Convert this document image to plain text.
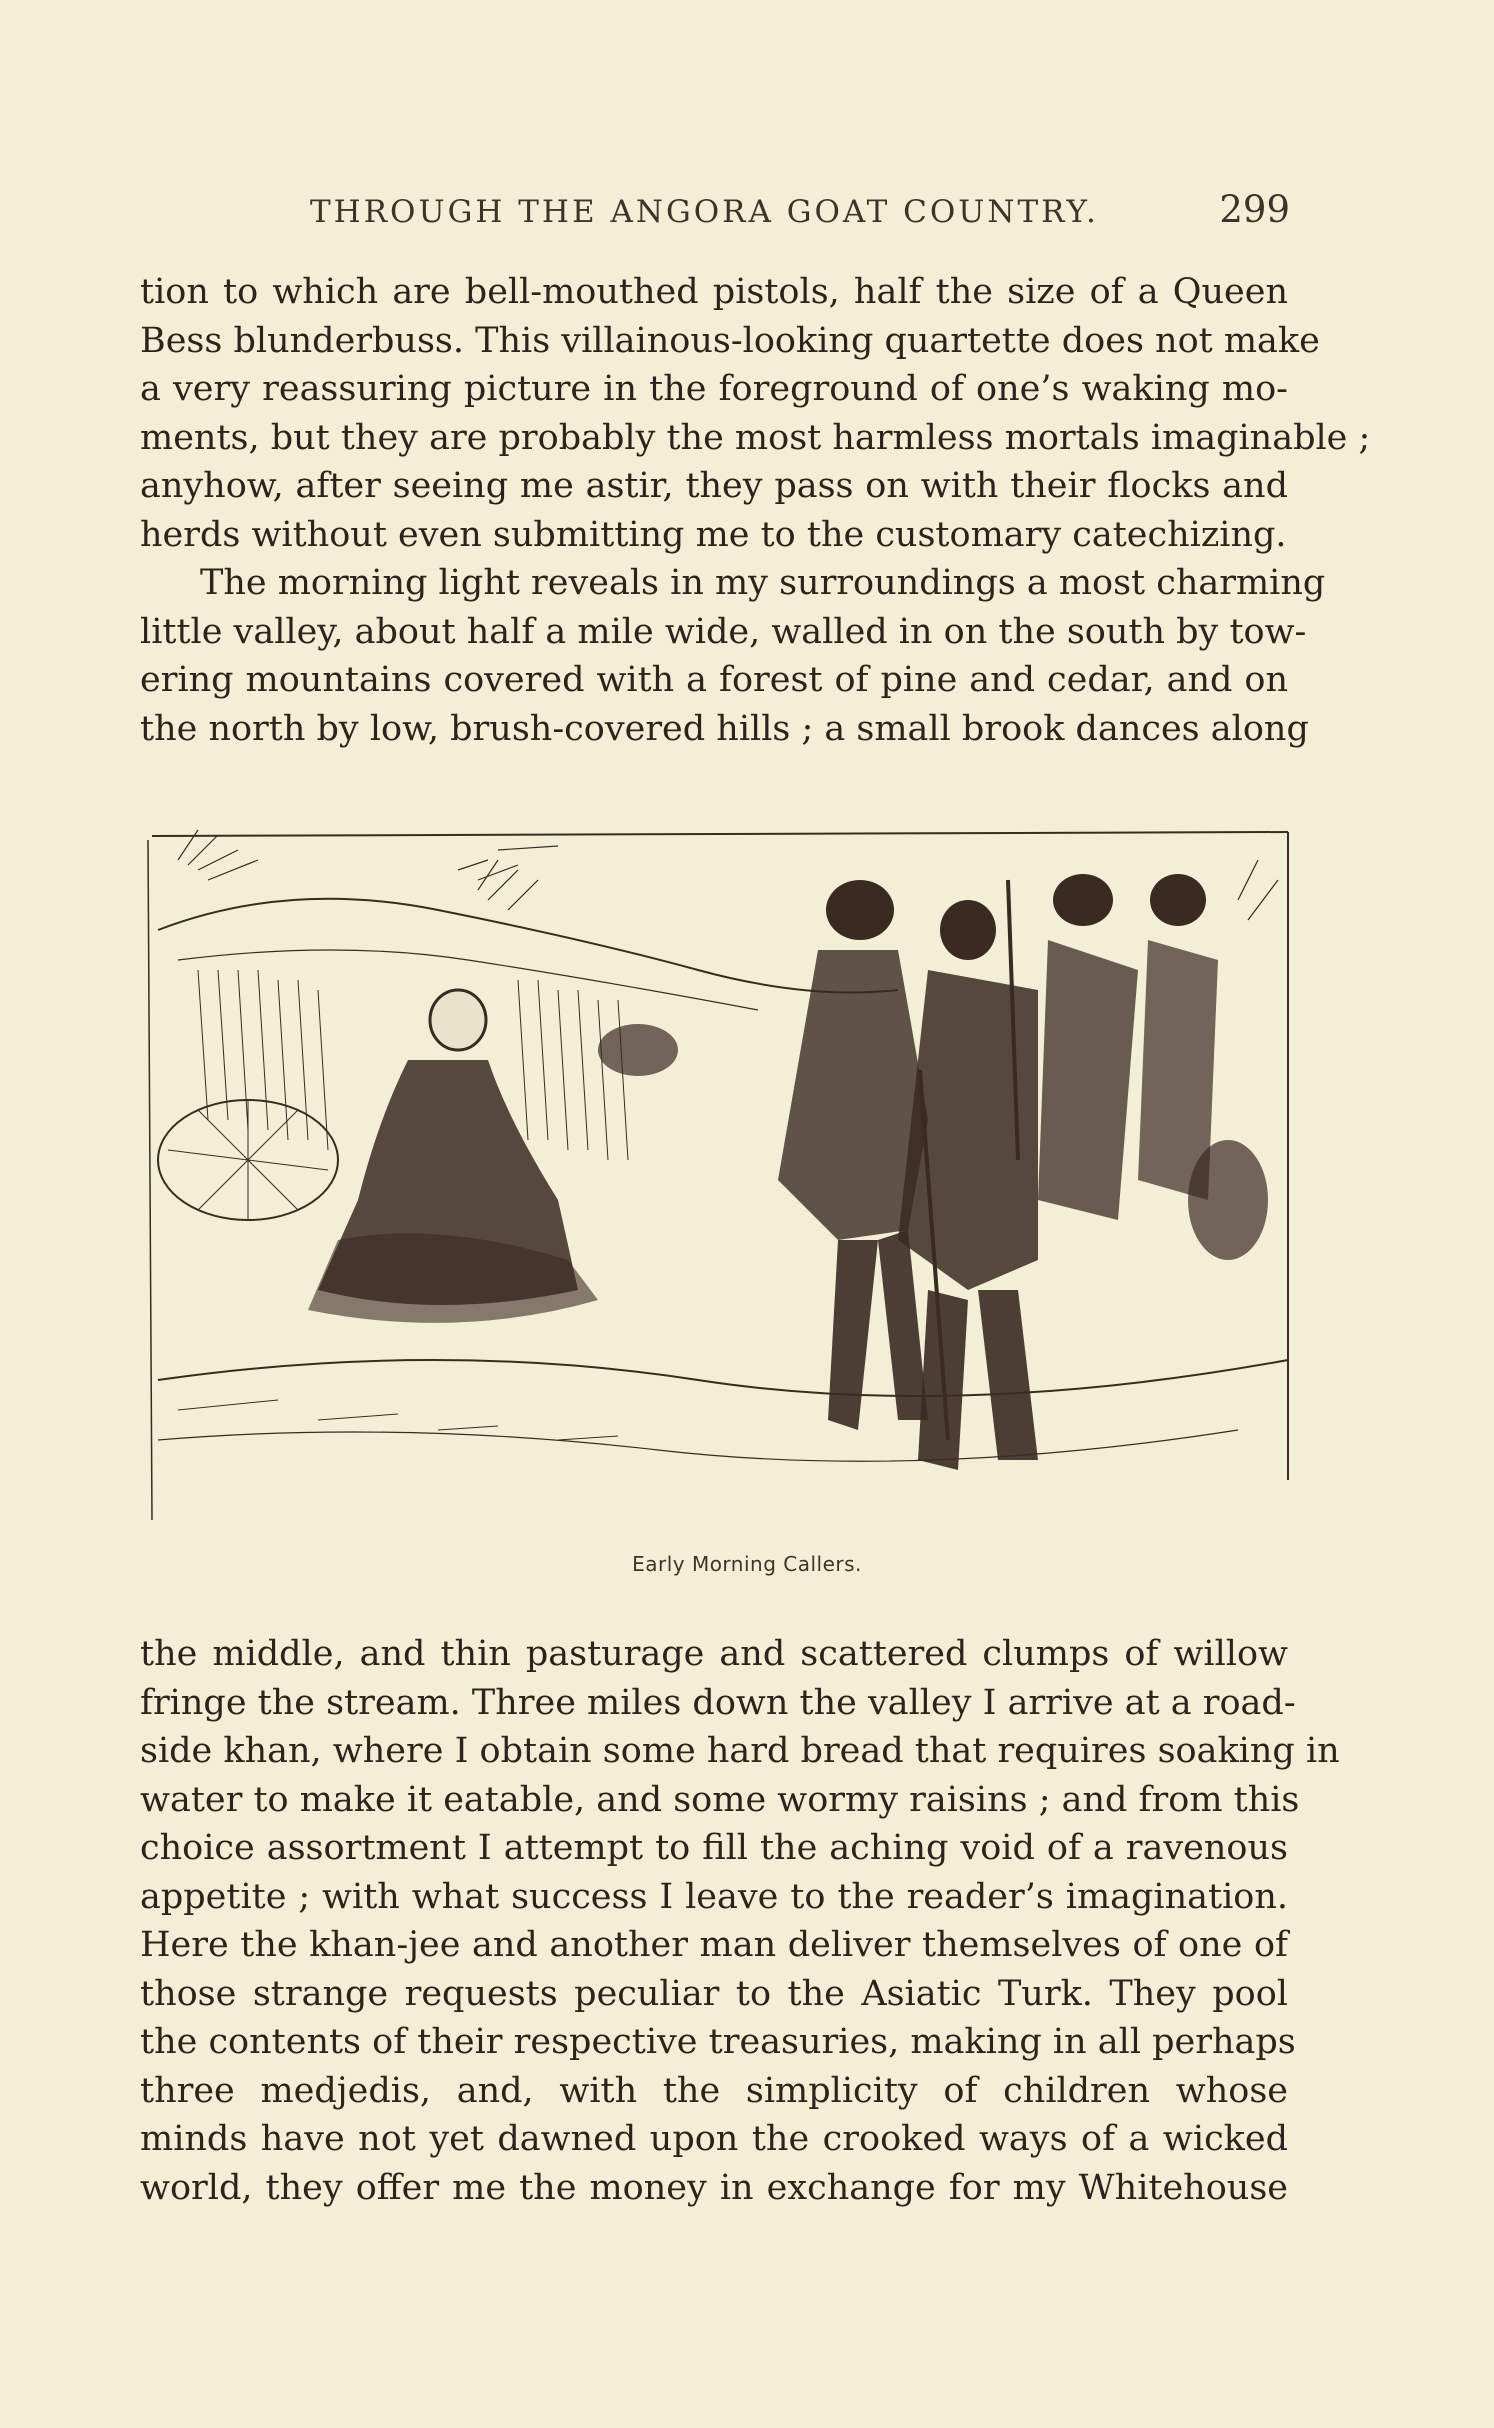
THROUGH THE ANGORA GOAT COUNTRY.	299
tion to which are bell-mouthed pistols, half the size of a Queen
Bess blunderbuss. This villainous-looking quartette does not make
a very reassuring picture in the foreground of one’s waking mo-
ments, but they are probably the most harmless mortals imaginable ;
anyhow, after seeing me astir, they pass on with their flocks and
herds without even submitting me to the customary catechizing.
The morning light reveals in my surroundings a most charming
little valley, about half a mile wide, walled in on the south by tow-
ering mountains covered with a forest of pine and cedar, and on
the north by low, brush-covered hills ; a small brook dances along
Early Morning Callers.
the middle, and thin pasturage and scattered clumps of willow
fringe the stream. Three miles down the valley I arrive at a road-
side khan, where I obtain some hard bread that requires soaking in
water to make it eatable, and some wormy raisins ; and from this
choice assortment I attempt to fill the aching void of a ravenous
appetite ; with what success I leave to the reader’s imagination.
Here the khan-jee and another man deliver themselves of one of
those strange requests peculiar to the Asiatic Turk. They pool
the contents of their respective treasuries, making in all perhaps
three medjedis, and, with the simplicity of children whose
minds have not yet dawned upon the crooked ways of a wicked
world, they offer me the money in exchange for my Whitehouse
